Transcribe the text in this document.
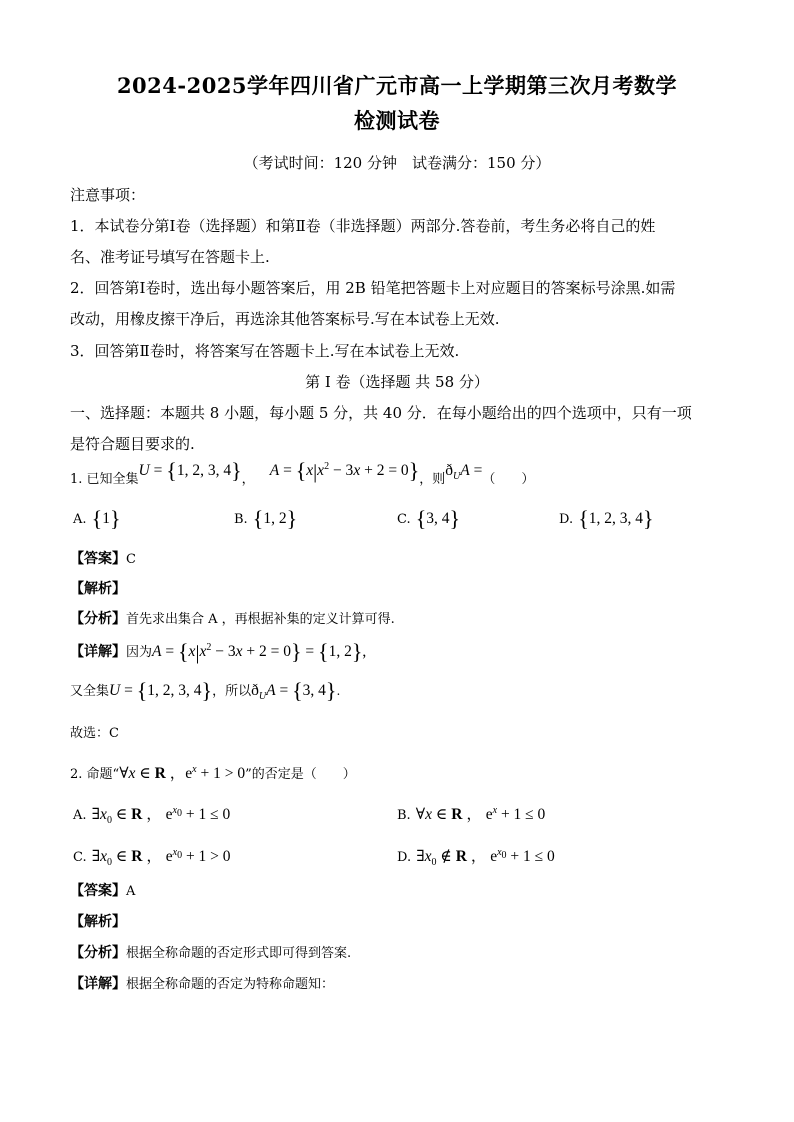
2024-2025学年四川省广元市高一上学期第三次月考数学
检测试卷
（考试时间：120 分钟　试卷满分：150 分）
注意事项：
1．本试卷分第Ⅰ卷（选择题）和第Ⅱ卷（非选择题）两部分.答卷前，考生务必将自己的姓
名、准考证号填写在答题卡上.
2．回答第Ⅰ卷时，选出每小题答案后，用 2B 铅笔把答题卡上对应题目的答案标号涂黑.如需
改动，用橡皮擦干净后，再选涂其他答案标号.写在本试卷上无效.
3．回答第Ⅱ卷时，将答案写在答题卡上.写在本试卷上无效.
第 I 卷（选择题 共 58 分）
一、选择题：本题共 8 小题，每小题 5 分，共 40 分．在每小题给出的四个选项中，只有一项
是符合题目要求的.
1. 已知全集U = {1, 2, 3, 4}， $A = \{x|x^2 - 3x + 2 = 0\}$，则$ð_UA$ =（　　）
A. {1}	B. {1, 2}	C. {3, 4}	D. {1, 2, 3, 4}
【答案】C
【解析】
【分析】首先求出集合 A ，再根据补集的定义计算可得.
【详解】因为$A = \{x|x^2 - 3x + 2 = 0\} = \{1$, 2},
又全集U = {1, 2, 3, 4}，所以$ð_UA = \{3$, 4}.
故选：C
2. 命题“∀x ∈ R ，$e^x + 1 > 0$”的否定是（　　）
A. $\exists x_0$ ∈ R ， $e^{x_0} + 1 \le 0$	B. ∀x ∈ R ， $e^x + 1 \le 0$
C. $\exists x_0$ ∈ R ， $e^{x_0} + 1 > 0$	D. $\exists x_0$ ∉ R ， $e^{x_0} + 1 \le 0$
【答案】A
【解析】
【分析】根据全称命题的否定形式即可得到答案.
【详解】根据全称命题的否定为特称命题知：
